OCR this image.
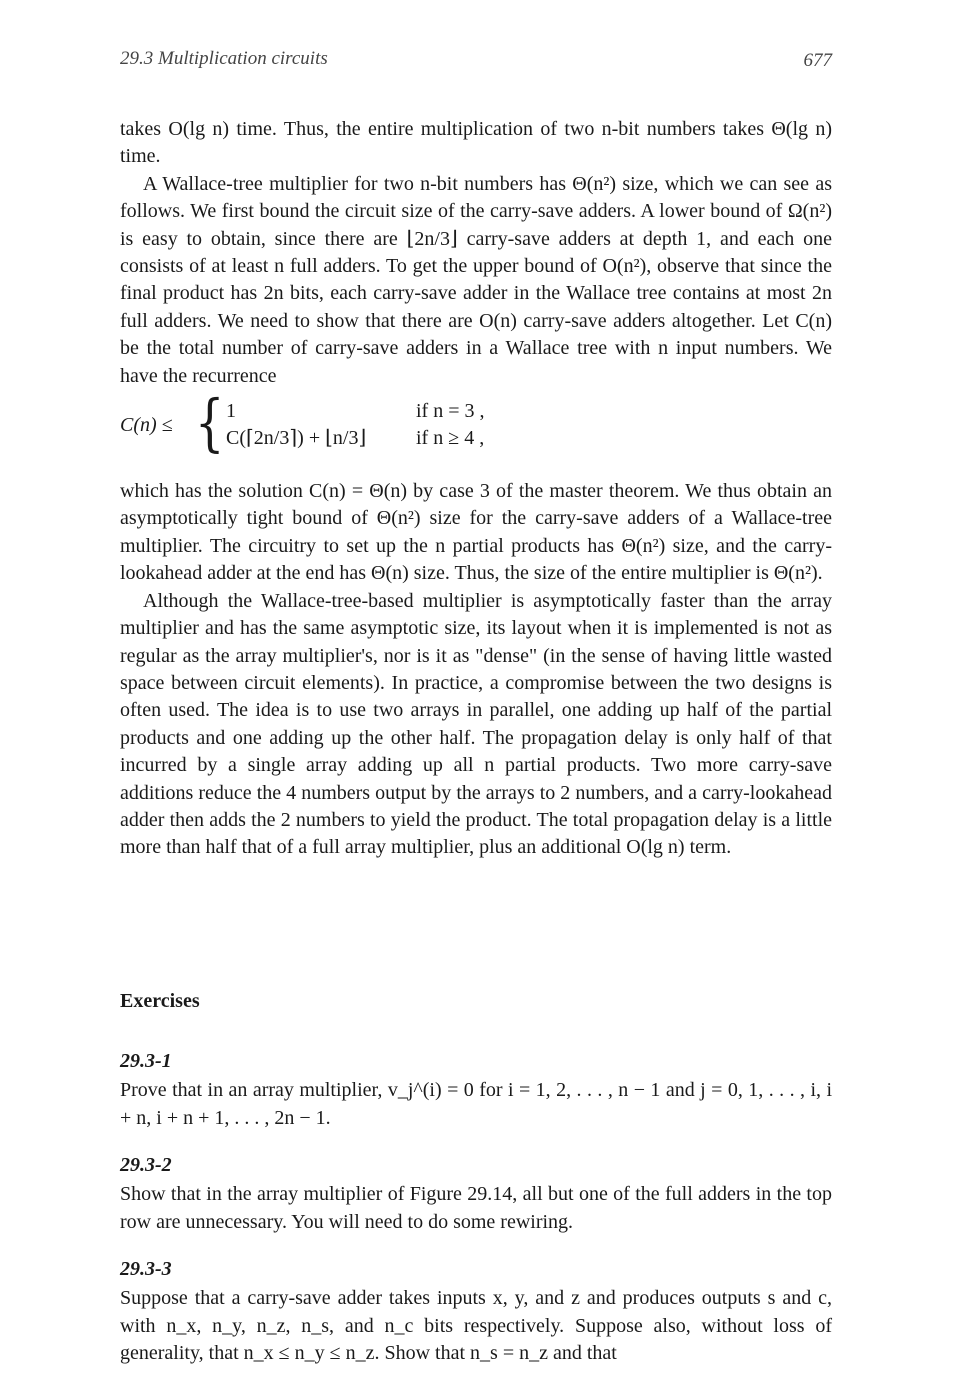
29.3 Multiplication circuits	677

takes O(lg n) time. Thus, the entire multiplication of two n-bit numbers takes Θ(lg n) time.

A Wallace-tree multiplier for two n-bit numbers has Θ(n²) size, which we can see as follows. We first bound the circuit size of the carry-save adders. A lower bound of Ω(n²) is easy to obtain, since there are ⌊2n/3⌋ carry-save adders at depth 1, and each one consists of at least n full adders. To get the upper bound of O(n²), observe that since the final product has 2n bits, each carry-save adder in the Wallace tree contains at most 2n full adders. We need to show that there are O(n) carry-save adders altogether. Let C(n) be the total number of carry-save adders in a Wallace tree with n input numbers. We have the recurrence

C(n) ≤ { 1	if n = 3 ,
C(⌈2n/3⌉) + ⌊n/3⌋ if n ≥ 4 ,

which has the solution C(n) = Θ(n) by case 3 of the master theorem. We thus obtain an asymptotically tight bound of Θ(n²) size for the carry-save adders of a Wallace-tree multiplier. The circuitry to set up the n partial products has Θ(n²) size, and the carry-lookahead adder at the end has Θ(n) size. Thus, the size of the entire multiplier is Θ(n²).

Although the Wallace-tree-based multiplier is asymptotically faster than the array multiplier and has the same asymptotic size, its layout when it is implemented is not as regular as the array multiplier's, nor is it as "dense" (in the sense of having little wasted space between circuit elements). In practice, a compromise between the two designs is often used. The idea is to use two arrays in parallel, one adding up half of the partial products and one adding up the other half. The propagation delay is only half of that incurred by a single array adding up all n partial products. Two more carry-save additions reduce the 4 numbers output by the arrays to 2 numbers, and a carry-lookahead adder then adds the 2 numbers to yield the product. The total propagation delay is a little more than half that of a full array multiplier, plus an additional O(lg n) term.

Exercises
29.3-1

Prove that in an array multiplier, v_j^(i) = 0 for i = 1, 2, . . . , n − 1 and j = 0, 1, . . . , i, i + n, i + n + 1, . . . , 2n − 1.

29.3-2

Show that in the array multiplier of Figure 29.14, all but one of the full adders in the top row are unnecessary. You will need to do some rewiring.

29.3-3

Suppose that a carry-save adder takes inputs x, y, and z and produces outputs s and c, with n_x, n_y, n_z, n_s, and n_c bits respectively. Suppose also, without loss of generality, that n_x ≤ n_y ≤ n_z. Show that n_s = n_z and that
